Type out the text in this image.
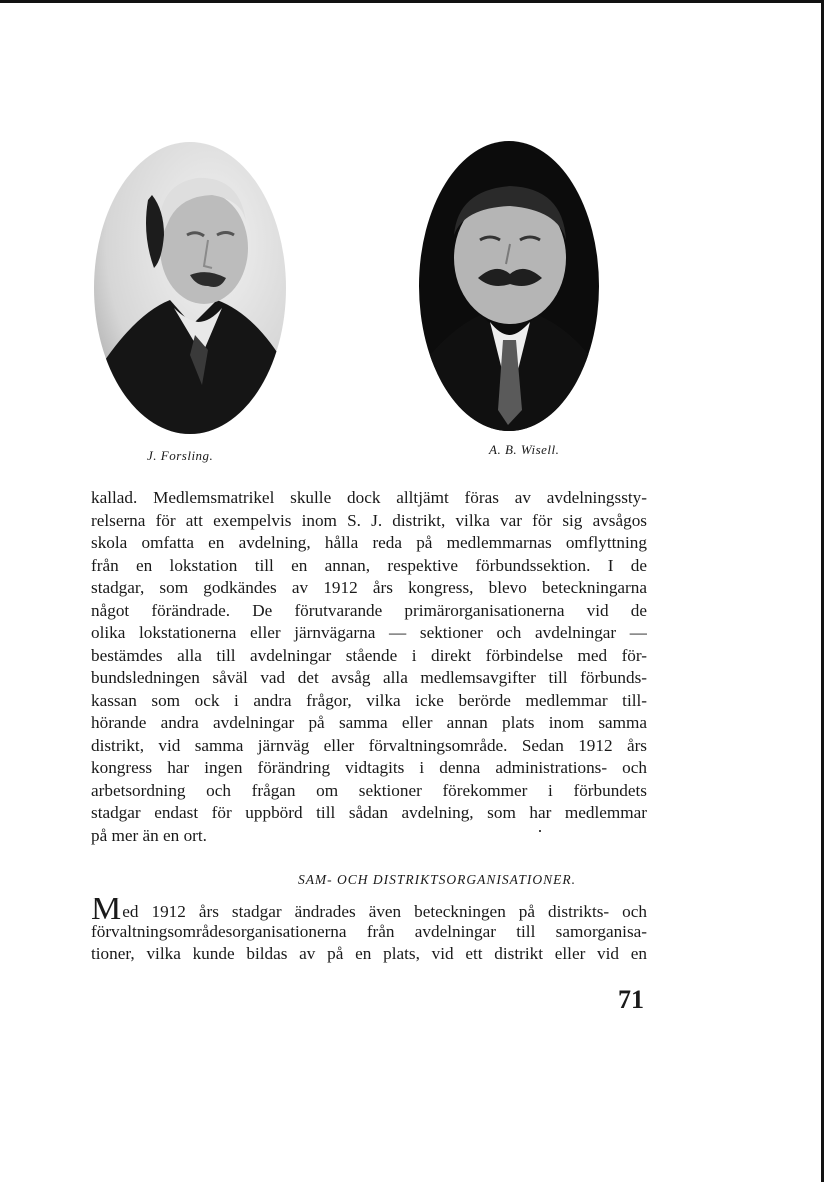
J. Forsling.	A. B. Wisell.
kallad. Medlemsmatrikel skulle dock alltjämt föras av avdelningssty-
relserna för att exempelvis inom S. J. distrikt, vilka var för sig avsågos
skola omfatta en avdelning, hålla reda på medlemmarnas omflyttning
från en lokstation till en annan, respektive förbundssektion. I de
stadgar, som godkändes av 1912 års kongress, blevo beteckningarna
något förändrade. De förutvarande primärorganisationerna vid de
olika lokstationerna eller järnvägarna — sektioner och avdelningar —
bestämdes alla till avdelningar stående i direkt förbindelse med för-
bundsledningen såväl vad det avsåg alla medlemsavgifter till förbunds-
kassan som ock i andra frågor, vilka icke berörde medlemmar till-
hörande andra avdelningar på samma eller annan plats inom samma
distrikt, vid samma järnväg eller förvaltningsområde. Sedan 1912 års
kongress har ingen förändring vidtagits i denna administrations- och
arbetsordning och frågan om sektioner förekommer i förbundets
stadgar endast för uppbörd till sådan avdelning, som har medlemmar
på mer än en ort.
SAM- OCH DISTRIKTSORGANISATIONER.
Med 1912 års stadgar ändrades även beteckningen på distrikts- och
förvaltningsområdesorganisationerna från avdelningar till samorganisa-
tioner, vilka kunde bildas av på en plats, vid ett distrikt eller vid en
71
